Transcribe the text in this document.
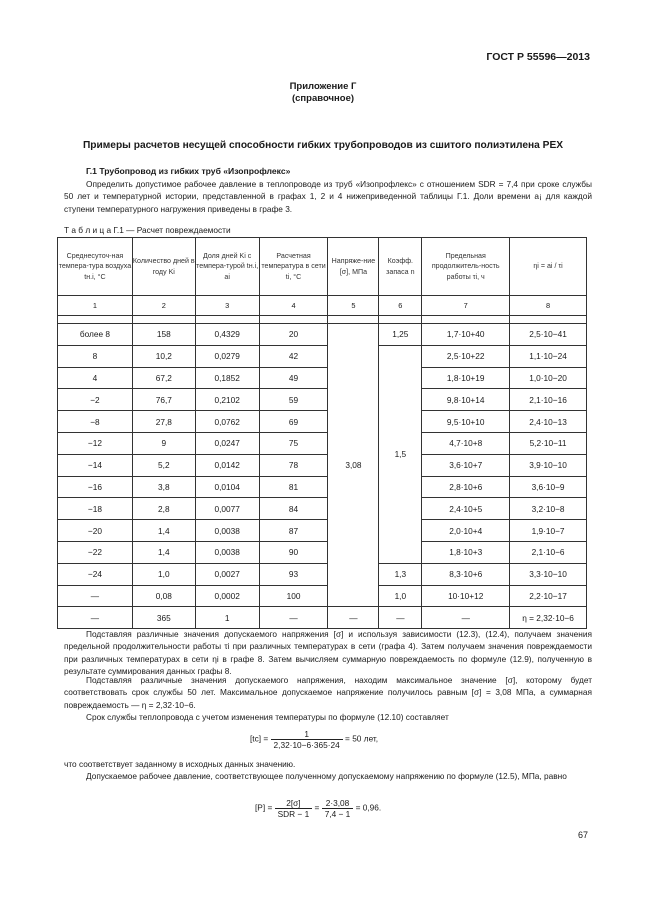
ГОСТ Р 55596—2013
Приложение Г
(справочное)
Примеры расчетов несущей способности гибких трубопроводов из сшитого полиэтилена РЕХ
Г.1 Трубопровод из гибких труб «Изопрофлекс»
Определить допустимое рабочее давление в теплопроводе из труб «Изопрофлекс» с отношением SDR = 7,4 при сроке службы 50 лет и температурной истории, представленной в графах 1, 2 и 4 нижеприведенной таблицы Г.1. Доли времени a¡ для каждой ступени температурного нагружения приведены в графе 3.
Т а б л и ц а Г.1 — Расчет повреждаемости
Среднесуточ-ная темпера-тура воздуха tн.i, °С	Количество дней в году Ki	Доля дней Ki с темпера-турой tн.i, ai	Расчетная температура в сети ti, °С	Напряже-ние [σ], МПа	Коэфф. запаса n	Предельная продолжитель-ность работы τi, ч	ηi = ai / τi
1	2	3	4	5	6	7	8

более 8	158	0,4329	20	3,08	1,25	1,7·10+40	2,5·10−41
8	10,2	0,0279	42		1,5	2,5·10+22	1,1·10−24
4	67,2	0,1852	49			1,8·10+19	1,0·10−20
−2	76,7	0,2102	59			9,8·10+14	2,1·10−16
−8	27,8	0,0762	69			9,5·10+10	2,4·10−13
−12	9	0,0247	75			4,7·10+8	5,2·10−11
−14	5,2	0,0142	78			3,6·10+7	3,9·10−10
−16	3,8	0,0104	81			2,8·10+6	3,6·10−9
−18	2,8	0,0077	84			2,4·10+5	3,2·10−8
−20	1,4	0,0038	87			2,0·10+4	1,9·10−7
−22	1,4	0,0038	90			1,8·10+3	2,1·10−6
−24	1,0	0,0027	93		1,3	8,3·10+6	3,3·10−10
—	0,08	0,0002	100		1,0	10·10+12	2,2·10−17
—	365	1	—	—	—	—	η = 2,32·10−6
Подставляя различные значения допускаемого напряжения [σ] и используя зависимости (12.3), (12.4), получаем значения предельной продолжительности работы τi при различных температурах в сети (графа 4). Затем получаем значения повреждаемости при различных температурах в сети ηi в графе 8. Затем вычисляем суммарную повреждаемость по формуле (12.9), полученную в результате суммирования данных графы 8.
Подставляя различные значения допускаемого напряжения, находим максимальное значение [σ], которому будет соответствовать срок службы 50 лет. Максимальное допускаемое напряжение получилось равным [σ] = 3,08 МПа, а суммарная повреждаемость — η = 2,32·10−6.
Срок службы теплопровода с учетом изменения температуры по формуле (12.10) составляет
$[tс] = \frac{1}{2,32\cdot 10-6\cdot 365\cdot 24} = 50$ лет,
что соответствует заданному в исходных данных значению.
Допускаемое рабочее давление, соответствующее полученному допускаемому напряжению по формуле (12.5), МПа, равно
$[P] = \frac{2[\sigma]}{\text{SDR − 1}} = \frac{2\cdot 3,08}{7,4 - 1} = 0,96$.
67
